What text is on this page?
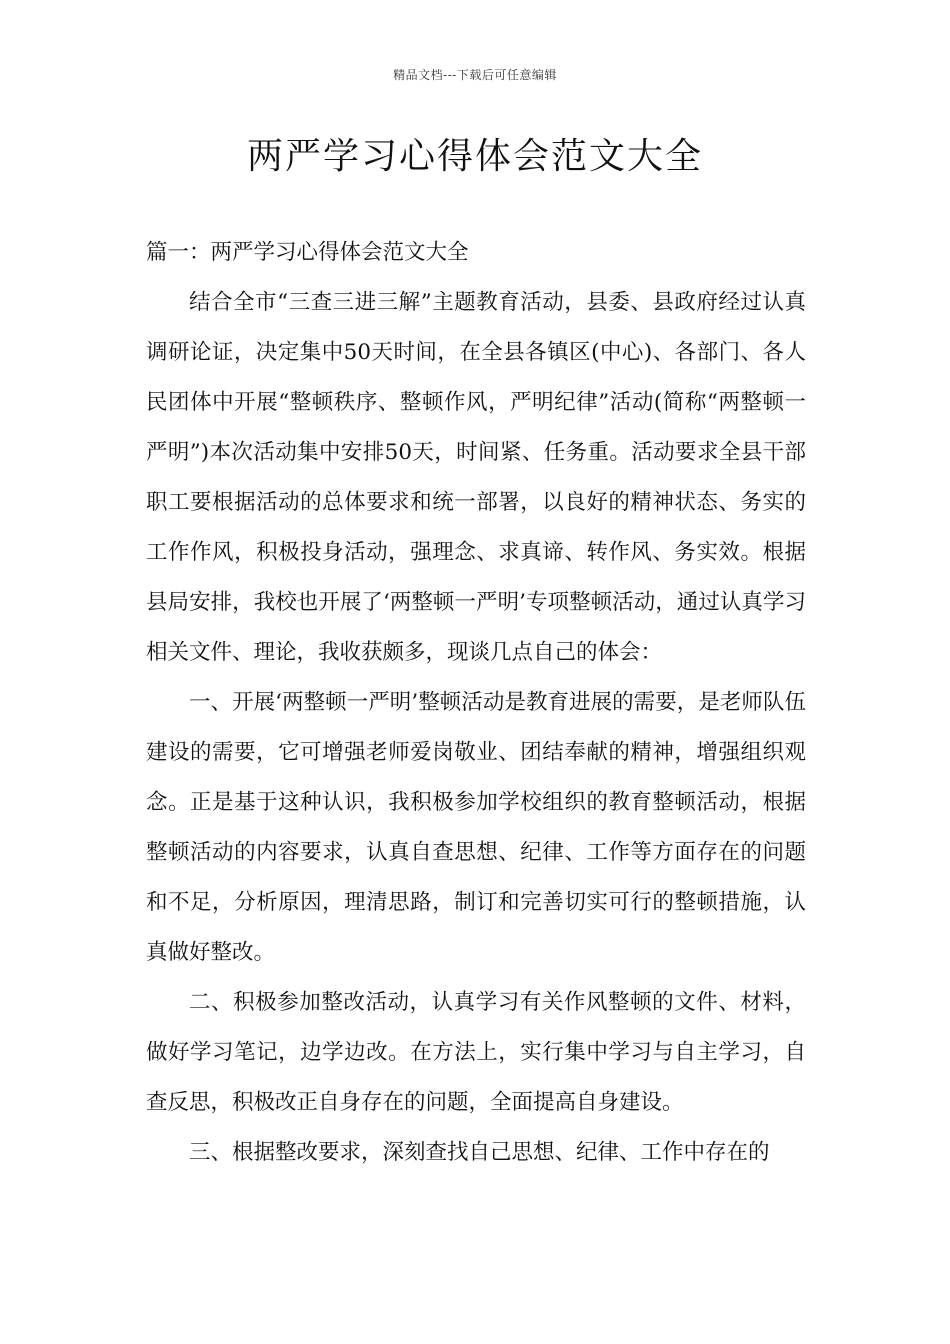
精品文档---下载后可任意编辑
两严学习心得体会范文大全
篇一：两严学习心得体会范文大全

结合全市“三查三进三解”主题教育活动，县委、县政府经过认真调研论证，决定集中50天时间，在全县各镇区(中心)、各部门、各人民团体中开展“整顿秩序、整顿作风，严明纪律”活动(简称“两整顿一严明”)本次活动集中安排50天，时间紧、任务重。活动要求全县干部职工要根据活动的总体要求和统一部署，以良好的精神状态、务实的工作作风，积极投身活动，强理念、求真谛、转作风、务实效。根据县局安排，我校也开展了‘两整顿一严明’专项整顿活动，通过认真学习相关文件、理论，我收获颇多，现谈几点自己的体会：

一、开展‘两整顿一严明’整顿活动是教育进展的需要，是老师队伍建设的需要，它可增强老师爱岗敬业、团结奉献的精神，增强组织观念。正是基于这种认识，我积极参加学校组织的教育整顿活动，根据整顿活动的内容要求，认真自查思想、纪律、工作等方面存在的问题和不足，分析原因，理清思路，制订和完善切实可行的整顿措施，认真做好整改。

二、积极参加整改活动，认真学习有关作风整顿的文件、材料，做好学习笔记，边学边改。在方法上，实行集中学习与自主学习，自查反思，积极改正自身存在的问题，全面提高自身建设。

三、根据整改要求，深刻查找自己思想、纪律、工作中存在的
